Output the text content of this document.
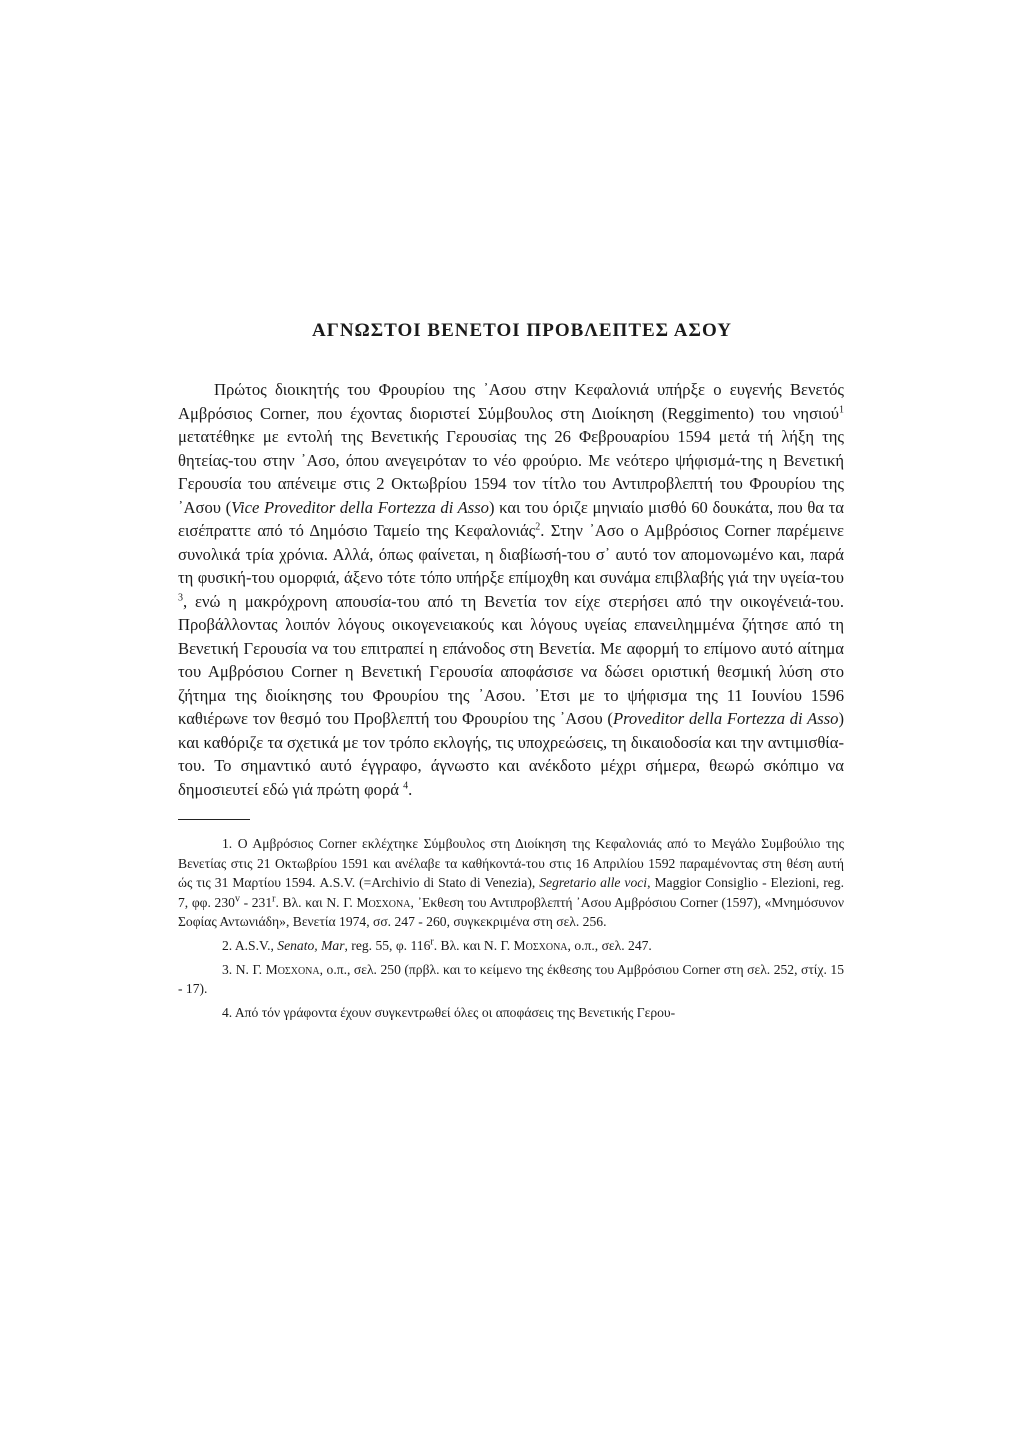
ΑΓΝΩΣΤΟΙ ΒΕΝΕΤΟΙ ΠΡΟΒΛΕΠΤΕΣ ΑΣΟΥ

Πρώτος διοικητής του Φρουρίου της ᾿Ασου στην Κεφαλονιά υπήρξε ο ευγενής Βενετός Αμβρόσιος Corner, που έχοντας διοριστεί Σύμβουλος στη Διοίκηση (Reggimento) του νησιού$^1$ μετατέθηκε με εντολή της Βενετικής Γερουσίας της 26 Φεβρουαρίου 1594 μετά τή λήξη της θητείας-του στην ᾿Ασο, όπου ανεγειρόταν το νέο φρούριο. Με νεότερο ψήφισμά-της η Βενετική Γερουσία του απένειμε στις 2 Οκτωβρίου 1594 τον τίτλο του Αντιπροβλεπτή του Φρουρίου της ᾿Ασου (Vice Proveditor della Fortezza di Asso) και του όριζε μηνιαίο μισθό 60 δουκάτα, που θα τα εισέπραττε από τό Δημόσιο Ταμείο της Κεφαλονιάς$^2$. Στην ᾿Ασο ο Αμβρόσιος Corner παρέμεινε συνολικά τρία χρόνια. Αλλά, όπως φαίνεται, η διαβίωσή-του σ᾿ αυτό τον απομονωμένο και, παρά τη φυσική-του ομορφιά, άξενο τότε τόπο υπήρξε επίμοχθη και συνάμα επιβλαβής γιά την υγεία-του $^3$, ενώ η μακρόχρονη απουσία-του από τη Βενετία τον είχε στερήσει από την οικογένειά-του. Προβάλλοντας λοιπόν λόγους οικογενειακούς και λόγους υγείας επανειλημμένα ζήτησε από τη Βενετική Γερουσία να του επιτραπεί η επάνοδος στη Βενετία. Με αφορμή το επίμονο αυτό αίτημα του Αμβρόσιου Corner η Βενετική Γερουσία αποφάσισε να δώσει οριστική θεσμική λύση στο ζήτημα της διοίκησης του Φρουρίου της ᾿Ασου. ᾿Ετσι με το ψήφισμα της 11 Ιουνίου 1596 καθιέρωνε τον θεσμό του Προβλεπτή του Φρουρίου της ᾿Ασου (Proveditor della Fortezza di Asso) και καθόριζε τα σχετικά με τον τρόπο εκλογής, τις υποχρεώσεις, τη δικαιοδοσία και την αντιμισθία-του. Το σημαντικό αυτό έγγραφο, άγνωστο και ανέκδοτο μέχρι σήμερα, θεωρώ σκόπιμο να δημοσιευτεί εδώ γιά πρώτη φορά $^4$.

1. Ο Αμβρόσιος Corner εκλέχτηκε Σύμβουλος στη Διοίκηση της Κεφαλονιάς από το Μεγάλο Συμβούλιο της Βενετίας στις 21 Οκτωβρίου 1591 και ανέλαβε τα καθήκοντά-του στις 16 Απριλίου 1592 παραμένοντας στη θέση αυτή ώς τις 31 Μαρτίου 1594. A.S.V. (=Archivio di Stato di Venezia), Segretario alle voci, Maggior Consiglio - Elezioni, reg. 7, φφ. 230$^v$ - 231$^r$. Βλ. και Ν. Γ. Μοσχονα, ᾿Εκθεση του Αντιπροβλεπτή ᾿Ασου Αμβρόσιου Corner (1597), «Μνημόσυνον Σοφίας Αντωνιάδη», Βενετία 1974, σσ. 247 - 260, συγκεκριμένα στη σελ. 256.

2. A.S.V., Senato, Mar, reg. 55, φ. 116$^r$. Βλ. και Ν. Γ. Μοσχονα, ο.π., σελ. 247.

3. Ν. Γ. Μοσχονα, ο.π., σελ. 250 (πρβλ. και το κείμενο της έκθεσης του Αμβρόσιου Corner στη σελ. 252, στίχ. 15 - 17).

4. Από τόν γράφοντα έχουν συγκεντρωθεί όλες οι αποφάσεις της Βενετικής Γερου-
